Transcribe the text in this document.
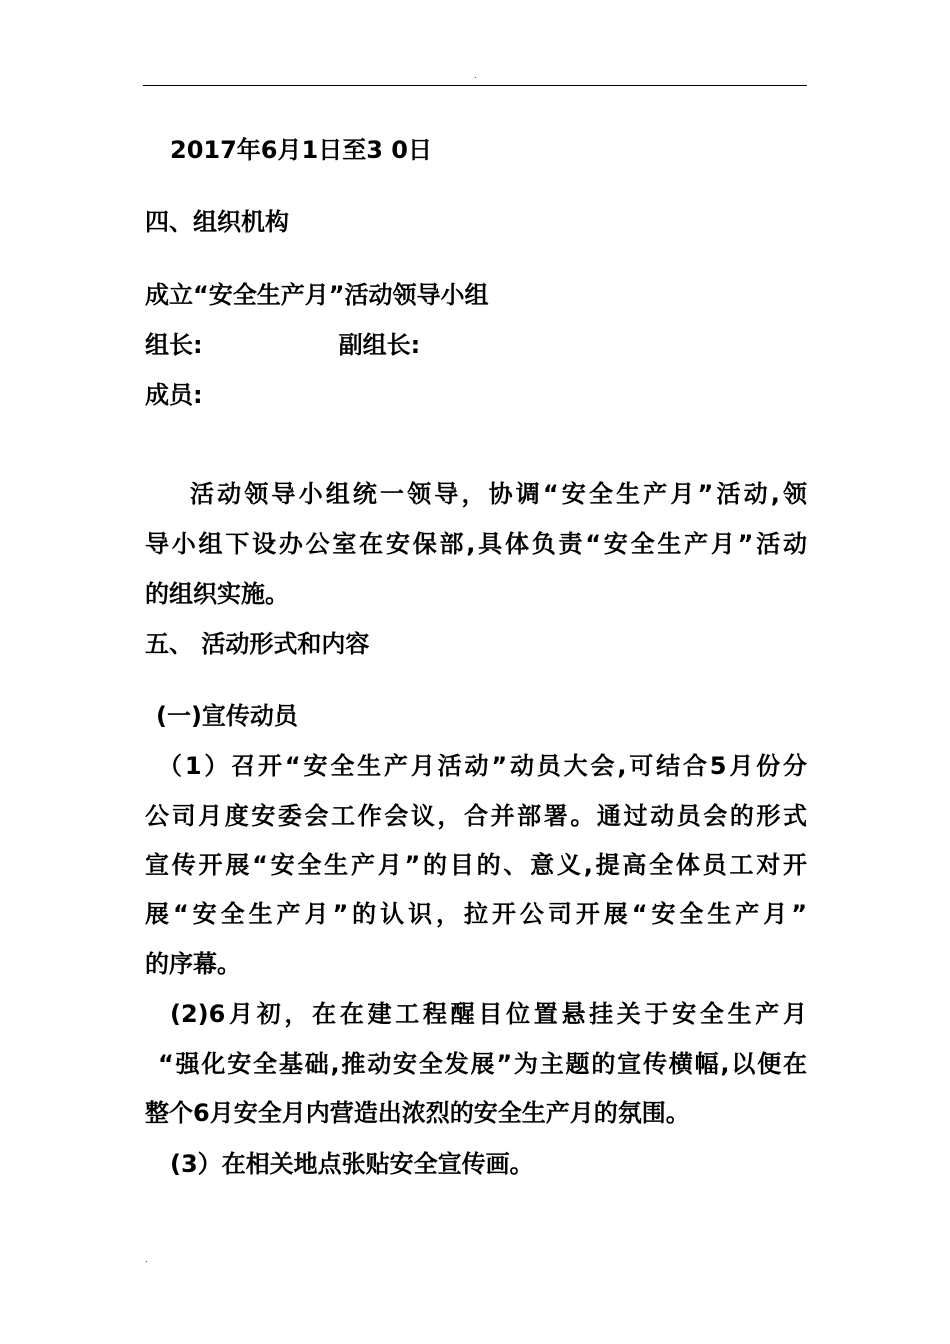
.
2017年6月1日至3 0日
四、组织机构
成立“安全生产月”活动领导小组
组长:	副组长:
成员:
活动领导小组统一领导，协调“安全生产月”活动,领
导小组下设办公室在安保部,具体负责“安全生产月”活动
的组织实施。
五、 活动形式和内容
(一)宣传动员
（1）召开“安全生产月活动”动员大会,可结合5月份分
公司月度安委会工作会议，合并部署。通过动员会的形式
宣传开展“安全生产月”的目的、意义,提高全体员工对开
展“安全生产月”的认识，拉开公司开展“安全生产月”
的序幕。
(2)6月初，在在建工程醒目位置悬挂关于安全生产月
“强化安全基础,推动安全发展”为主题的宣传横幅,以便在
整个6月安全月内营造出浓烈的安全生产月的氛围。
(3）在相关地点张贴安全宣传画。
.
